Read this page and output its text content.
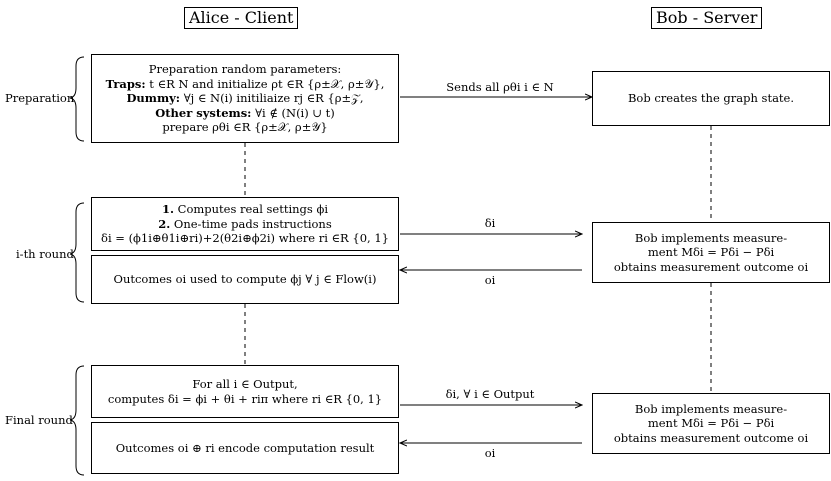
Alice - Client	Bob - Server
Preparation
i-th round
Final round
Preparation random parameters:
Traps: t ∈R N and initialize ρt ∈R {ρ±𝒳, ρ±𝒴},
Dummy: ∀j ∈ N(i) initiliaize rj ∈R {ρ±𝒵,
Other systems: ∀i ∉ (N(i) ∪ t)
prepare ρθi ∈R {ρ±𝒳, ρ±𝒴}
Bob creates the graph state.
Sends all ρθi i ∈ N
1. Computes real settings ϕi
2. One-time pads instructions
δi = (ϕ1i⊕θ1i⊕ri)+2(θ2i⊕ϕ2i) where ri ∈R {0, 1}
Outcomes oi used to compute ϕj ∀ j ∈ Flow(i)
Bob implements measure-
ment Mδi = Pδi − Pδi
obtains measurement outcome oi
δi
oi
For all i ∈ Output,
computes δi = ϕi + θi + riπ where ri ∈R {0, 1}
Outcomes oi ⊕ ri encode computation result
Bob implements measure-
ment Mδi = Pδi − Pδi
obtains measurement outcome oi
δi, ∀ i ∈ Output
oi
